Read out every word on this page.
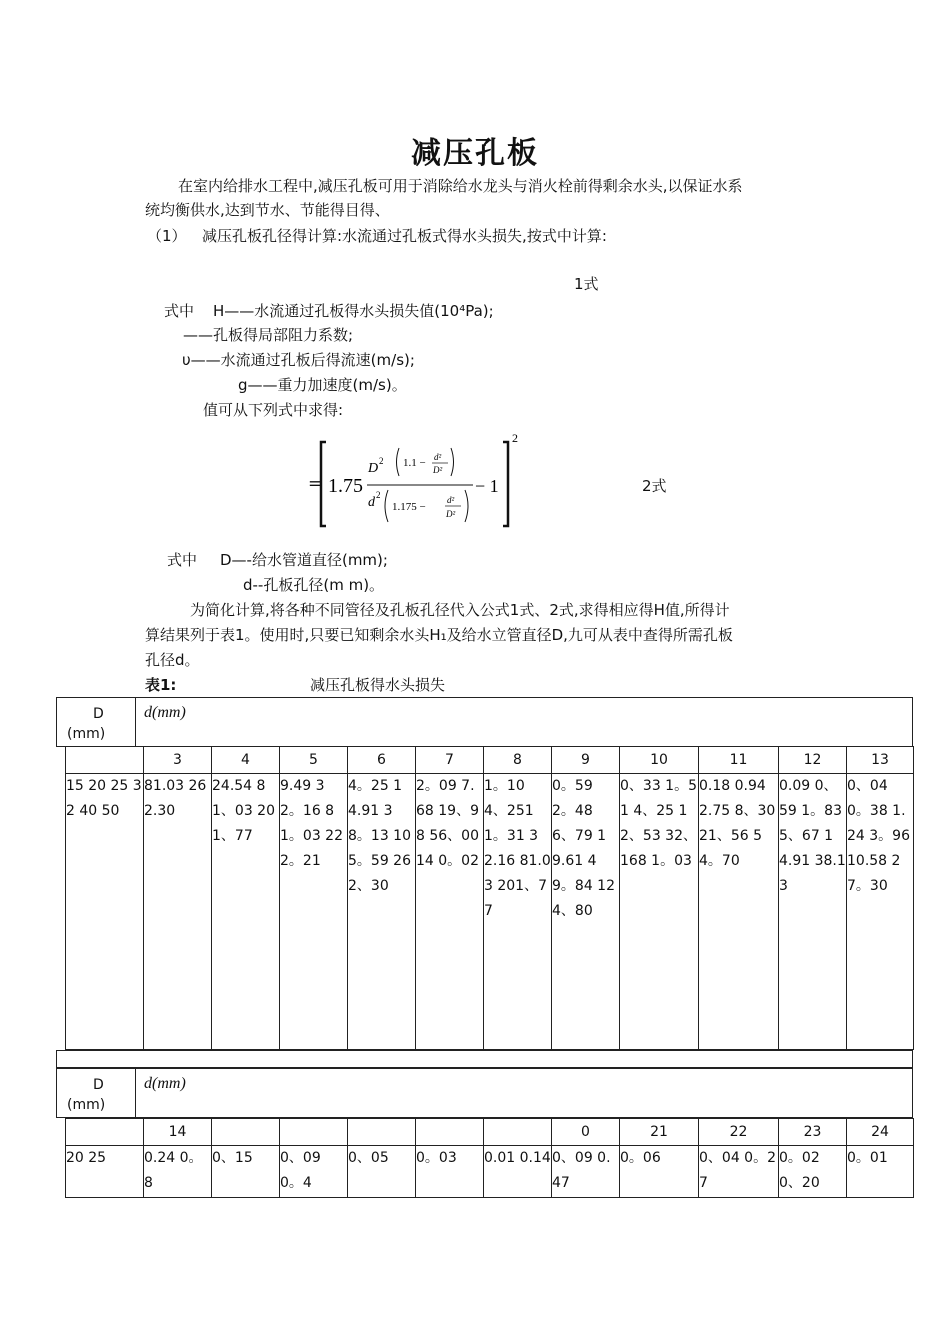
减压孔板
在室内给排水工程中,减压孔板可用于消除给水龙头与消火栓前得剩余水头,以保证水系
统均衡供水,达到节水、节能得目得、
（1） 减压孔板孔径得计算:水流通过孔板式得水头损失,按式中计算:
1式
式中 H——水流通过孔板得水头损失值(10⁴Pa);
——孔板得局部阻力系数;
υ——水流通过孔板后得流速(m/s);
g——重力加速度(m/s)。
值可从下列式中求得:
=
2
1.75
D 2
d 2
1.1 − d²
D²
1.175 −
d²
D²
− 1	2式
式中 D—-给水管道直径(mm);
d--孔板孔径(m m)。
为简化计算,将各种不同管径及孔板孔径代入公式1式、2式,求得相应得H值,所得计
算结果列于表1。使用时,只要已知剩余水头H₁及给水立管直径D,九可从表中查得所需孔板
孔径d。
表1:	减压孔板得水头损失
D
(mm)

d(mm)
	3	4	5	6	7	8	9	10	11	12	13
15 20 25 32 40 50	81.03 262.30	24.54 8 1、03 201、77	9.49 32。16 81。03 222。21	4。25 14.91 38。13 105。59 262、30	2。09 7.68 19、98 56、00 14 0。02	1。10 4、251 1。31 32.16 81.03 201、77	0。59 2。48 6、79 19.61 49。84 124、80	0、33 1。51 4、25 12、53 32、168 1。03	0.18 0.94 2.75 8、30 21、56 54。70	0.09 0、59 1。83 5、67 14.91 38.13	0、04 0。38 1.24 3。96 10.58 27。30
D
(mm)

d(mm)
	14						0	21	22	23	24
20 25	0.24 0。8	0、15	0、09 0。4	0、05	0。03	0.01 0.14	0、09 0.47	0。06	0、04 0。27	0。02 0、20	0。01
